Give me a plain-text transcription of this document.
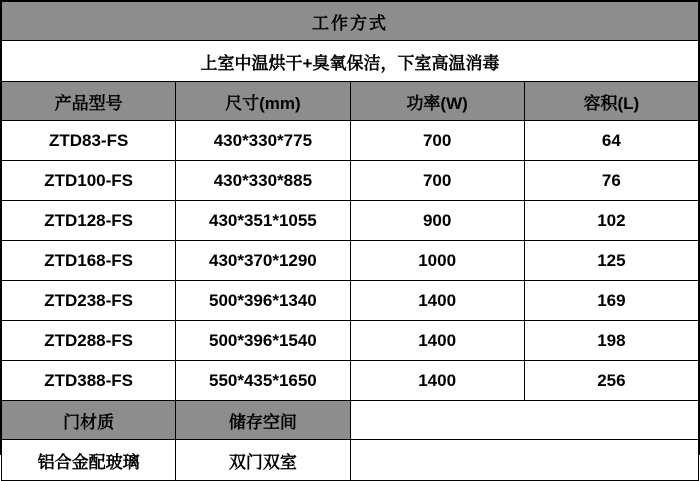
工作方式			
上室中温烘干+臭氧保洁，下室高温消毒			
产品型号	尺寸(mm)	功率(W)	容积(L)
ZTD83-FS	430*330*775	700	64
ZTD100-FS	430*330*885	700	76
ZTD128-FS	430*351*1055	900	102
ZTD168-FS	430*370*1290	1000	125
ZTD238-FS	500*396*1340	1400	169
ZTD288-FS	500*396*1540	1400	198
ZTD388-FS	550*435*1650	1400	256
门材质	储存空间		
铝合金配玻璃	双门双室		
